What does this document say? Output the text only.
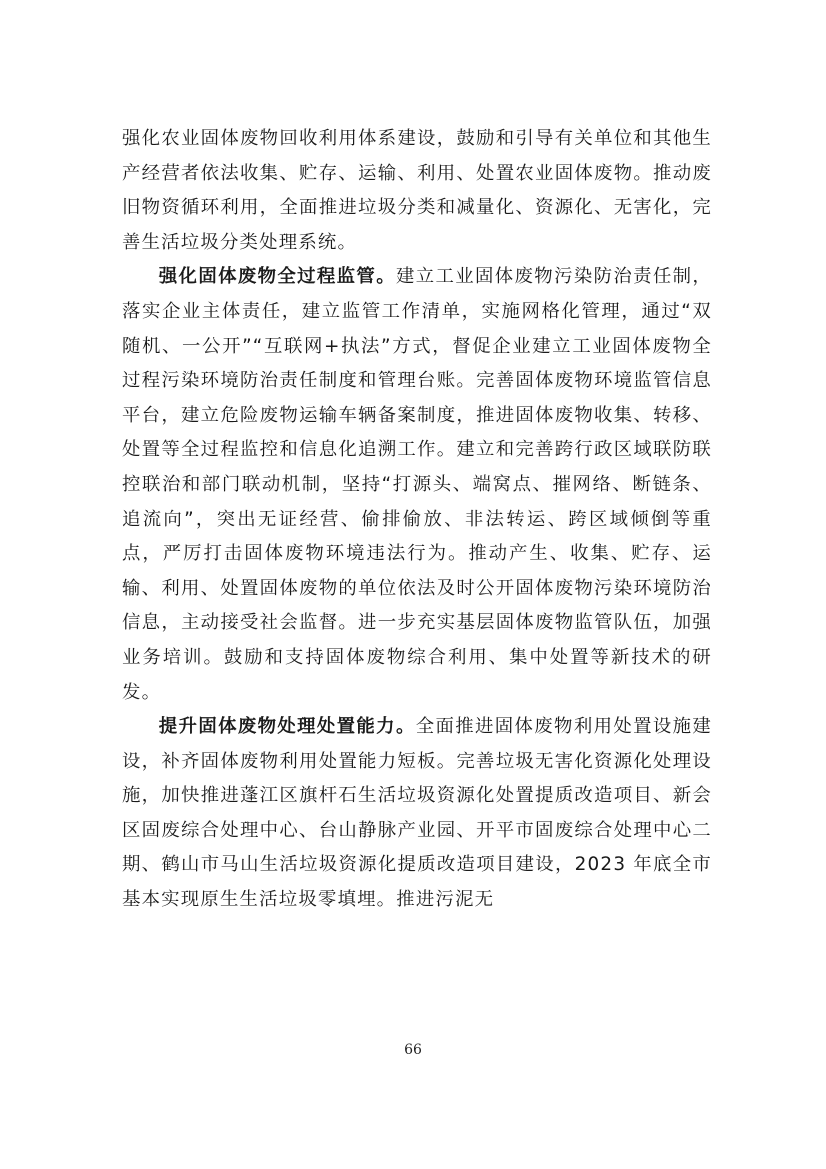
强化农业固体废物回收利用体系建设，鼓励和引导有关单位和其他生产经营者依法收集、贮存、运输、利用、处置农业固体废物。推动废旧物资循环利用，全面推进垃圾分类和减量化、资源化、无害化，完善生活垃圾分类处理系统。

强化固体废物全过程监管。建立工业固体废物污染防治责任制，落实企业主体责任，建立监管工作清单，实施网格化管理，通过“双随机、一公开”“互联网+执法”方式，督促企业建立工业固体废物全过程污染环境防治责任制度和管理台账。完善固体废物环境监管信息平台，建立危险废物运输车辆备案制度，推进固体废物收集、转移、处置等全过程监控和信息化追溯工作。建立和完善跨行政区域联防联控联治和部门联动机制，坚持“打源头、端窝点、摧网络、断链条、追流向”，突出无证经营、偷排偷放、非法转运、跨区域倾倒等重点，严厉打击固体废物环境违法行为。推动产生、收集、贮存、运输、利用、处置固体废物的单位依法及时公开固体废物污染环境防治信息，主动接受社会监督。进一步充实基层固体废物监管队伍，加强业务培训。鼓励和支持固体废物综合利用、集中处置等新技术的研发。

提升固体废物处理处置能力。全面推进固体废物利用处置设施建设，补齐固体废物利用处置能力短板。完善垃圾无害化资源化处理设施，加快推进蓬江区旗杆石生活垃圾资源化处置提质改造项目、新会区固废综合处理中心、台山静脉产业园、开平市固废综合处理中心二期、鹤山市马山生活垃圾资源化提质改造项目建设，2023 年底全市基本实现原生生活垃圾零填埋。推进污泥无

66
